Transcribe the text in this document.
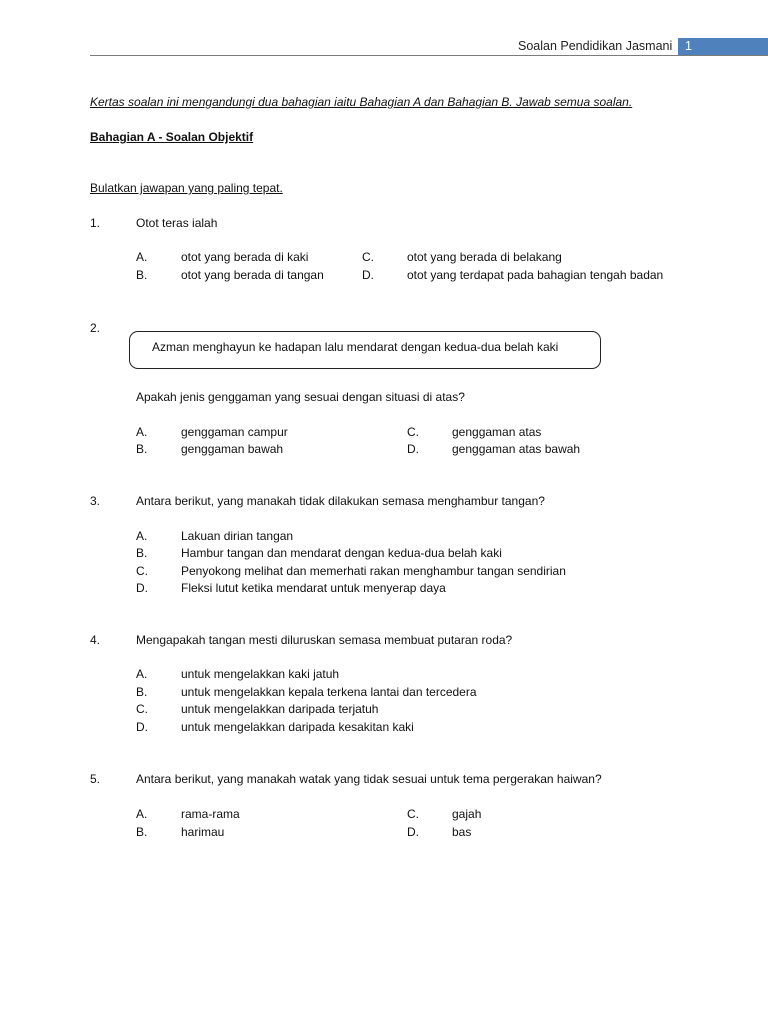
Soalan Pendidikan Jasmani	1
Kertas soalan ini mengandungi dua bahagian iaitu Bahagian A dan Bahagian B. Jawab semua soalan.
Bahagian A - Soalan Objektif
Bulatkan jawapan yang paling tepat.
1.	Otot teras ialah
A.	otot yang berada di kaki
B.	otot yang berada di tangan
C.	otot yang berada di belakang
D.	otot yang terdapat pada bahagian tengah badan
2.
Azman menghayun ke hadapan lalu mendarat dengan kedua-dua belah kaki
Apakah jenis genggaman yang sesuai dengan situasi di atas?
A.	genggaman campur
B.	genggaman bawah
C.	genggaman atas
D.	genggaman atas bawah
3.	Antara berikut, yang manakah tidak dilakukan semasa menghambur tangan?
A.	Lakuan dirian tangan
B.	Hambur tangan dan mendarat dengan kedua-dua belah kaki
C.	Penyokong melihat dan memerhati rakan menghambur tangan sendirian
D.	Fleksi lutut ketika mendarat untuk menyerap daya
4.	Mengapakah tangan mesti diluruskan semasa membuat putaran roda?
A.	untuk mengelakkan kaki jatuh
B.	untuk mengelakkan kepala terkena lantai dan tercedera
C.	untuk mengelakkan daripada terjatuh
D.	untuk mengelakkan daripada kesakitan kaki
5.	Antara berikut, yang manakah watak yang tidak sesuai untuk tema pergerakan haiwan?
A.	rama-rama
B.	harimau
C.	gajah
D.	bas
